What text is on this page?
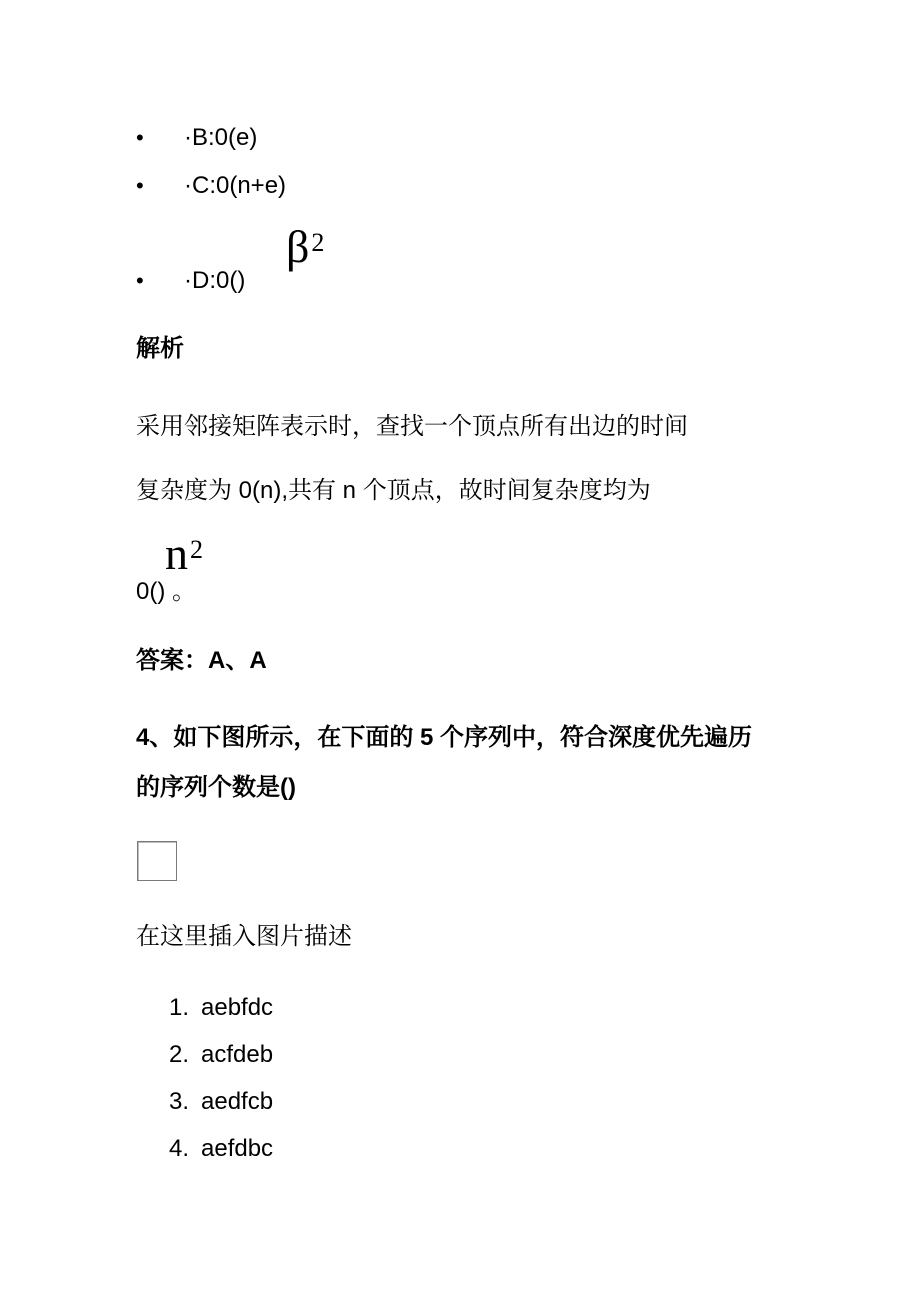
• ·B:0(e)
• ·C:0(n+e)
$\beta^2$
• ·D:0()
解析
采用邻接矩阵表示时，查找一个顶点所有出边的时间
复杂度为 0(n),共有 n 个顶点，故时间复杂度均为
$n^2$
0() 。
答案：A、A
4、如下图所示，在下面的 5 个序列中，符合深度优先遍历
的序列个数是()
在这里插入图片描述
1. aebfdc
2. acfdeb
3. aedfcb
4. aefdbc
